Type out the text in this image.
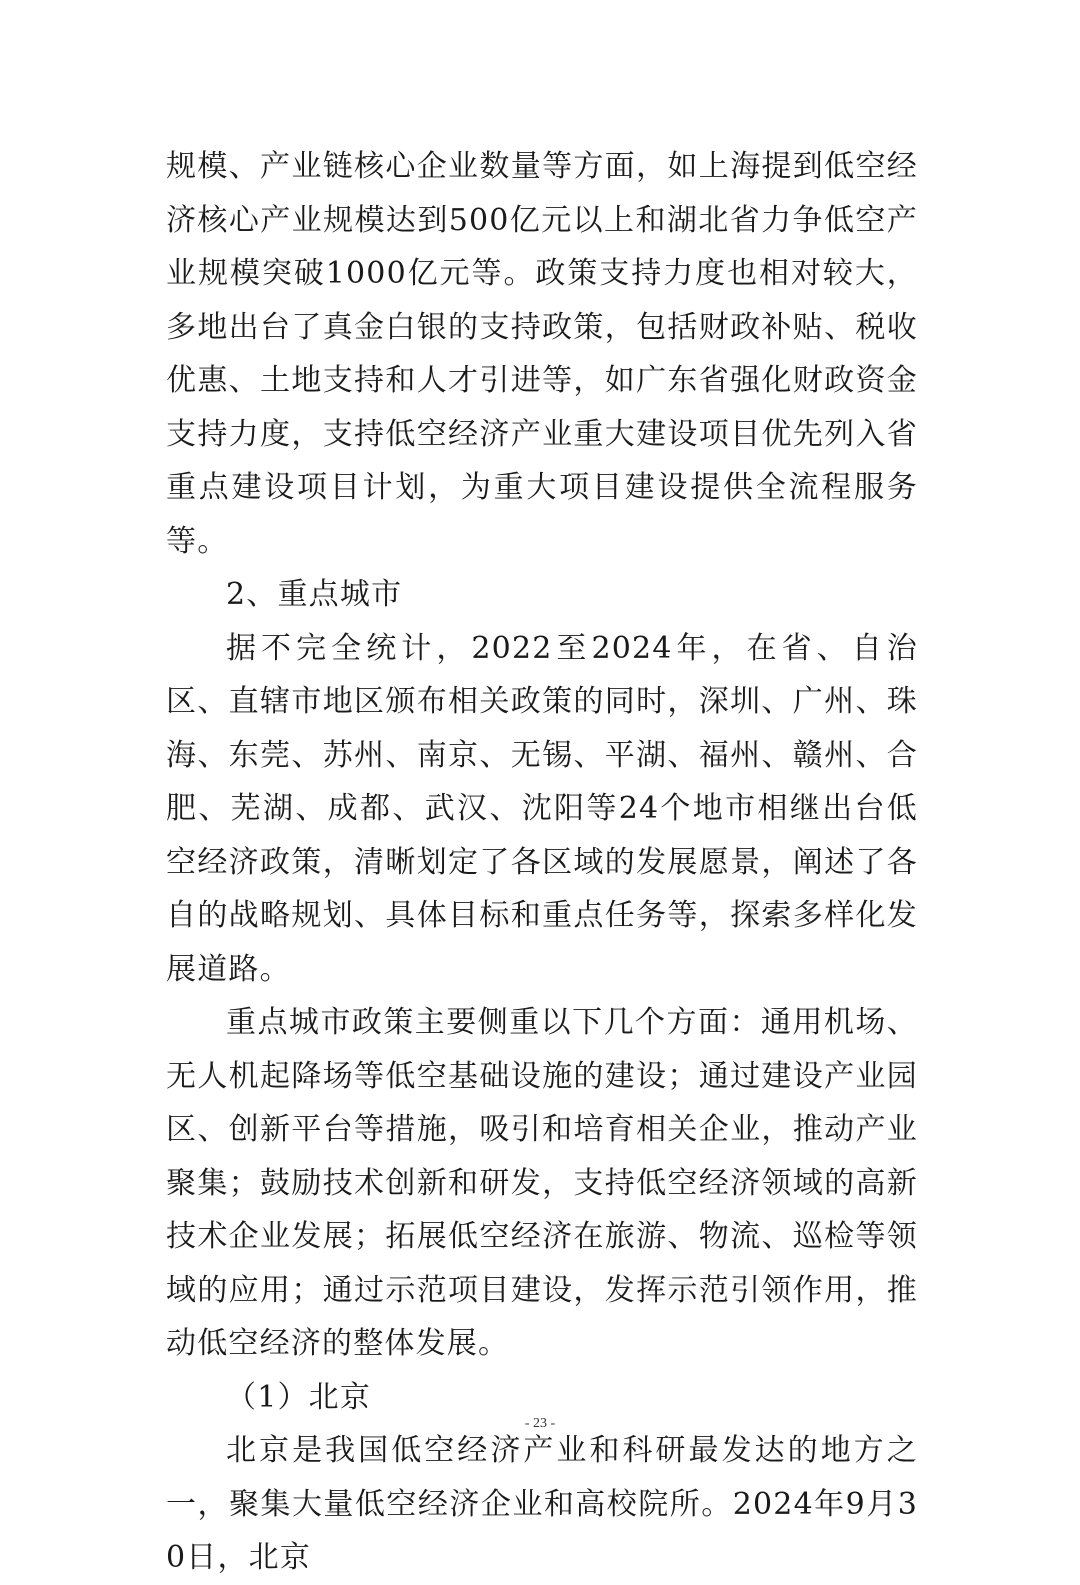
规模、产业链核心企业数量等方面，如上海提到低空经济核心产业规模达到500亿元以上和湖北省力争低空产业规模突破1000亿元等。政策支持力度也相对较大，多地出台了真金白银的支持政策，包括财政补贴、税收优惠、土地支持和人才引进等，如广东省强化财政资金支持力度，支持低空经济产业重大建设项目优先列入省重点建设项目计划，为重大项目建设提供全流程服务等。

2、重点城市

据不完全统计，2022至2024年，在省、自治区、直辖市地区颁布相关政策的同时，深圳、广州、珠海、东莞、苏州、南京、无锡、平湖、福州、赣州、合肥、芜湖、成都、武汉、沈阳等24个地市相继出台低空经济政策，清晰划定了各区域的发展愿景，阐述了各自的战略规划、具体目标和重点任务等，探索多样化发展道路。

重点城市政策主要侧重以下几个方面：通用机场、无人机起降场等低空基础设施的建设；通过建设产业园区、创新平台等措施，吸引和培育相关企业，推动产业聚集；鼓励技术创新和研发，支持低空经济领域的高新技术企业发展；拓展低空经济在旅游、物流、巡检等领域的应用；通过示范项目建设，发挥示范引领作用，推动低空经济的整体发展。

（1）北京

北京是我国低空经济产业和科研最发达的地方之一，聚集大量低空经济企业和高校院所。2024年9月30日，北京

- 23 -
